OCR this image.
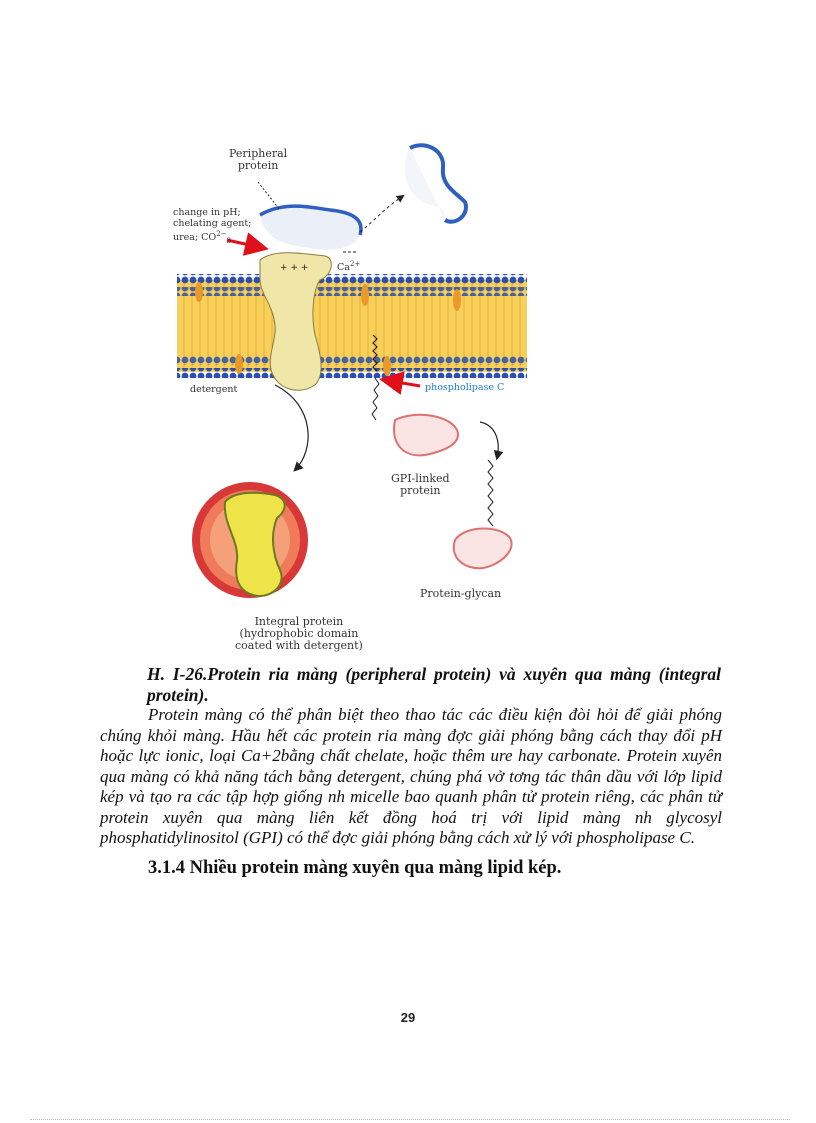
+ + +
Peripheral
protein
change in pH;
chelating agent;
urea; $CO^{2-}_3$
$Ca^{2+}$
detergent	phospholipase C
GPI-linked
protein
Protein-glycan
Integral protein
(hydrophobic domain
coated with detergent)
H. I-26.Protein ria màng (peripheral protein) và xuyên qua màng (integral protein).
Protein màng có thể phân biệt theo thao tác các điều kiện đòi hỏi để giải phóng chúng khỏi màng. Hầu hết các protein ria màng đợc giải phóng bằng cách thay đổi pH hoặc lực ionic, loại Ca+2bằng chất chelate, hoặc thêm ure hay carbonate. Protein xuyên qua màng có khả năng tách bằng detergent, chúng phá vở tơng tác thân dầu với lớp lipid kép và tạo ra các tập hợp giống nh micelle bao quanh phân tử protein riêng, các phân tử protein xuyên qua màng liên kết đồng hoá trị với lipid màng nh glycosyl phosphatidylinositol (GPI) có thể đợc giải phóng bằng cách xử lý với phospholipase C.
3.1.4 Nhiều protein màng xuyên qua màng lipid kép.
29
